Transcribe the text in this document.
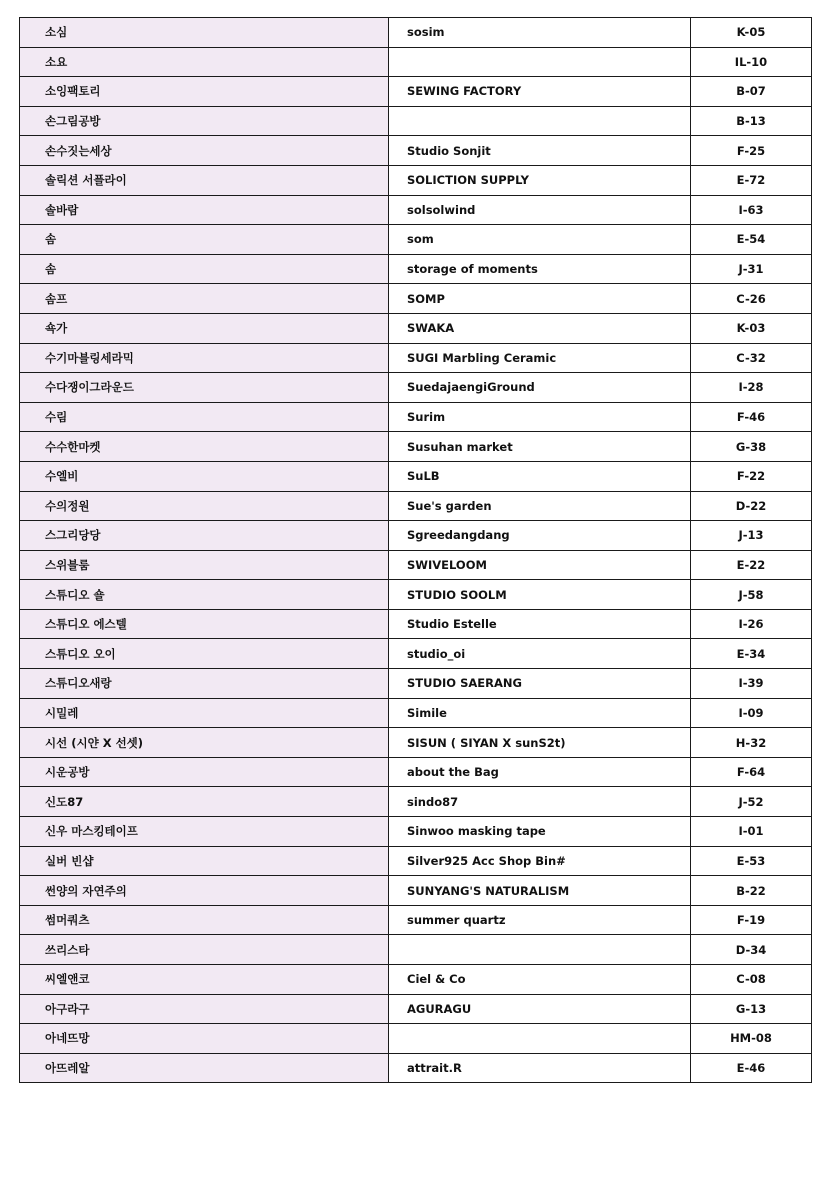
소심	sosim	K-05
소요		IL-10
소잉팩토리	SEWING FACTORY	B-07
손그림공방		B-13
손수짓는세상	Studio Sonjit	F-25
솔릭션 서플라이	SOLICTION SUPPLY	E-72
솔바람	solsolwind	I-63
솜	som	E-54
솜	storage of moments	J-31
솜프	SOMP	C-26
쇽가	SWAKA	K-03
수기마블링세라믹	SUGI Marbling Ceramic	C-32
수다쟁이그라운드	SuedajaengiGround	I-28
수림	Surim	F-46
수수한마켓	Susuhan market	G-38
수엘비	SuLB	F-22
수의정원	Sue's garden	D-22
스그리당당	Sgreedangdang	J-13
스위블룸	SWIVELOOM	E-22
스튜디오 숄	STUDIO SOOLM	J-58
스튜디오 에스텔	Studio Estelle	I-26
스튜디오 오이	studio_oi	E-34
스튜디오새랑	STUDIO SAERANG	I-39
시밀레	Simile	I-09
시선 (시얀 X 선셋)	SISUN ( SIYAN X sunS2t)	H-32
시운공방	about the Bag	F-64
신도87	sindo87	J-52
신우 마스킹테이프	Sinwoo masking tape	I-01
실버 빈샵	Silver925 Acc Shop Bin#	E-53
썬양의 자연주의	SUNYANG'S NATURALISM	B-22
썸머쿼츠	summer quartz	F-19
쓰리스타		D-34
씨엘앤코	Ciel & Co	C-08
아구라구	AGURAGU	G-13
아네뜨망		HM-08
아뜨레알	attrait.R	E-46
